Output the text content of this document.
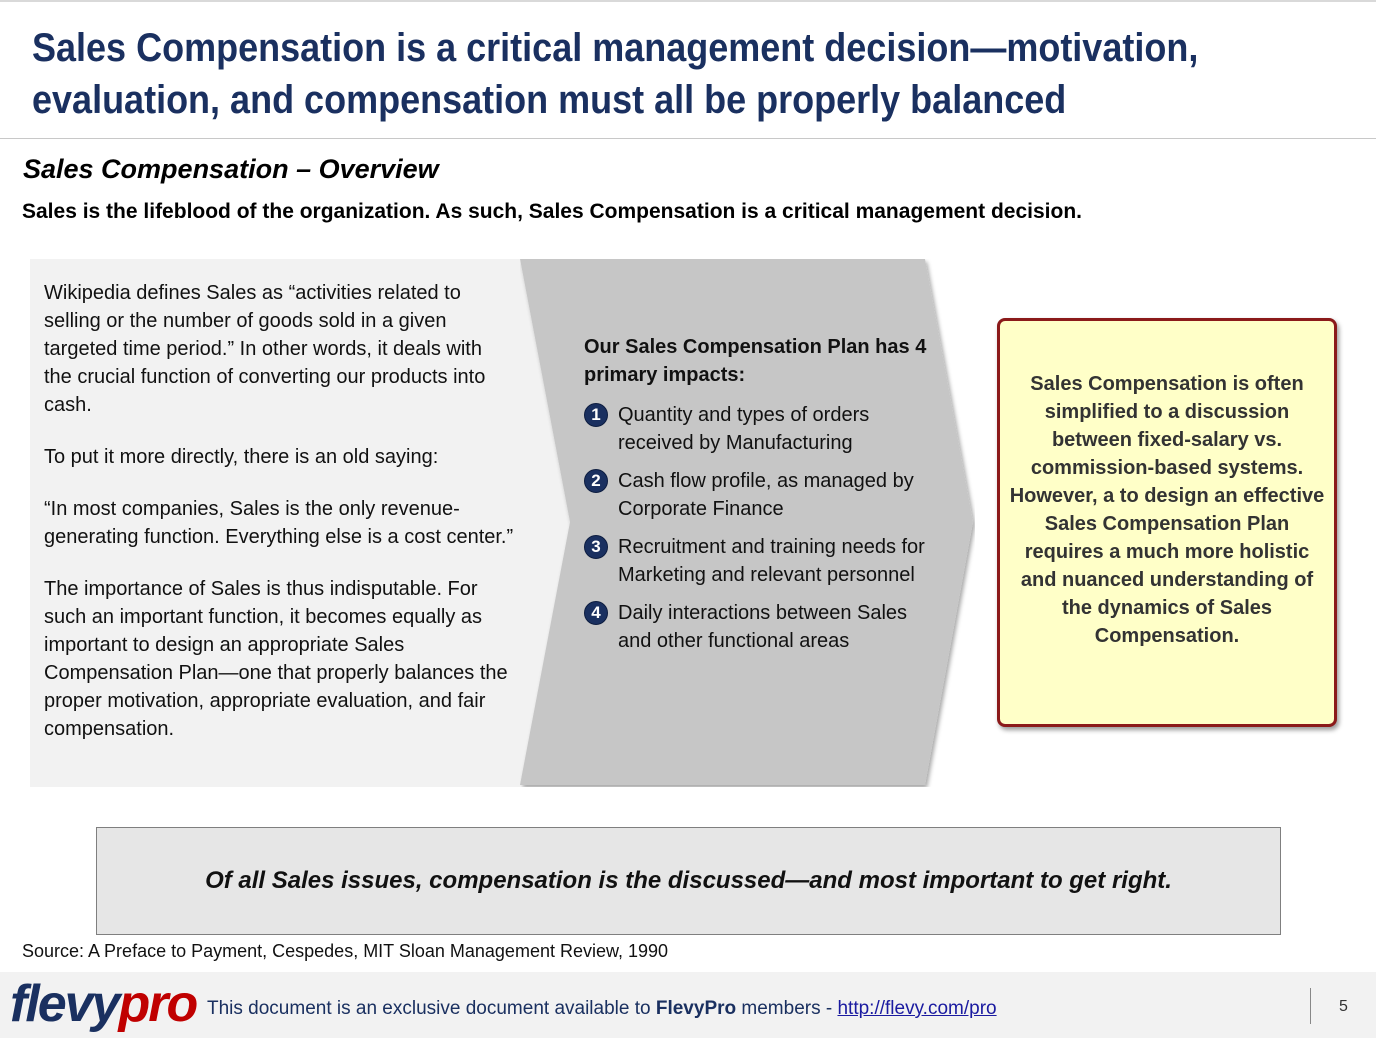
Sales Compensation is a critical management decision—motivation, evaluation, and compensation must all be properly balanced
Sales Compensation – Overview

Sales is the lifeblood of the organization. As such, Sales Compensation is a critical management decision.

Wikipedia defines Sales as “activities related to selling or the number of goods sold in a given targeted time period.” In other words, it deals with the crucial function of converting our products into cash.

To put it more directly, there is an old saying:

“In most companies, Sales is the only revenue-generating function. Everything else is a cost center.”

The importance of Sales is thus indisputable. For such an important function, it becomes equally as important to design an appropriate Sales Compensation Plan—one that properly balances the proper motivation, appropriate evaluation, and fair compensation.

Our Sales Compensation Plan has 4 primary impacts:

1 Quantity and types of orders received by Manufacturing
2 Cash flow profile, as managed by Corporate Finance
3 Recruitment and training needs for Marketing and relevant personnel
4 Daily interactions between Sales and other functional areas

Sales Compensation is often simplified to a discussion between fixed-salary vs. commission-based systems. However, a to design an effective Sales Compensation Plan requires a much more holistic and nuanced understanding of the dynamics of Sales Compensation.

Of all Sales issues, compensation is the discussed—and most important to get right.

Source: A Preface to Payment, Cespedes, MIT Sloan Management Review, 1990

flevypro This document is an exclusive document available to FlevyPro members - http://flevy.com/pro	5
